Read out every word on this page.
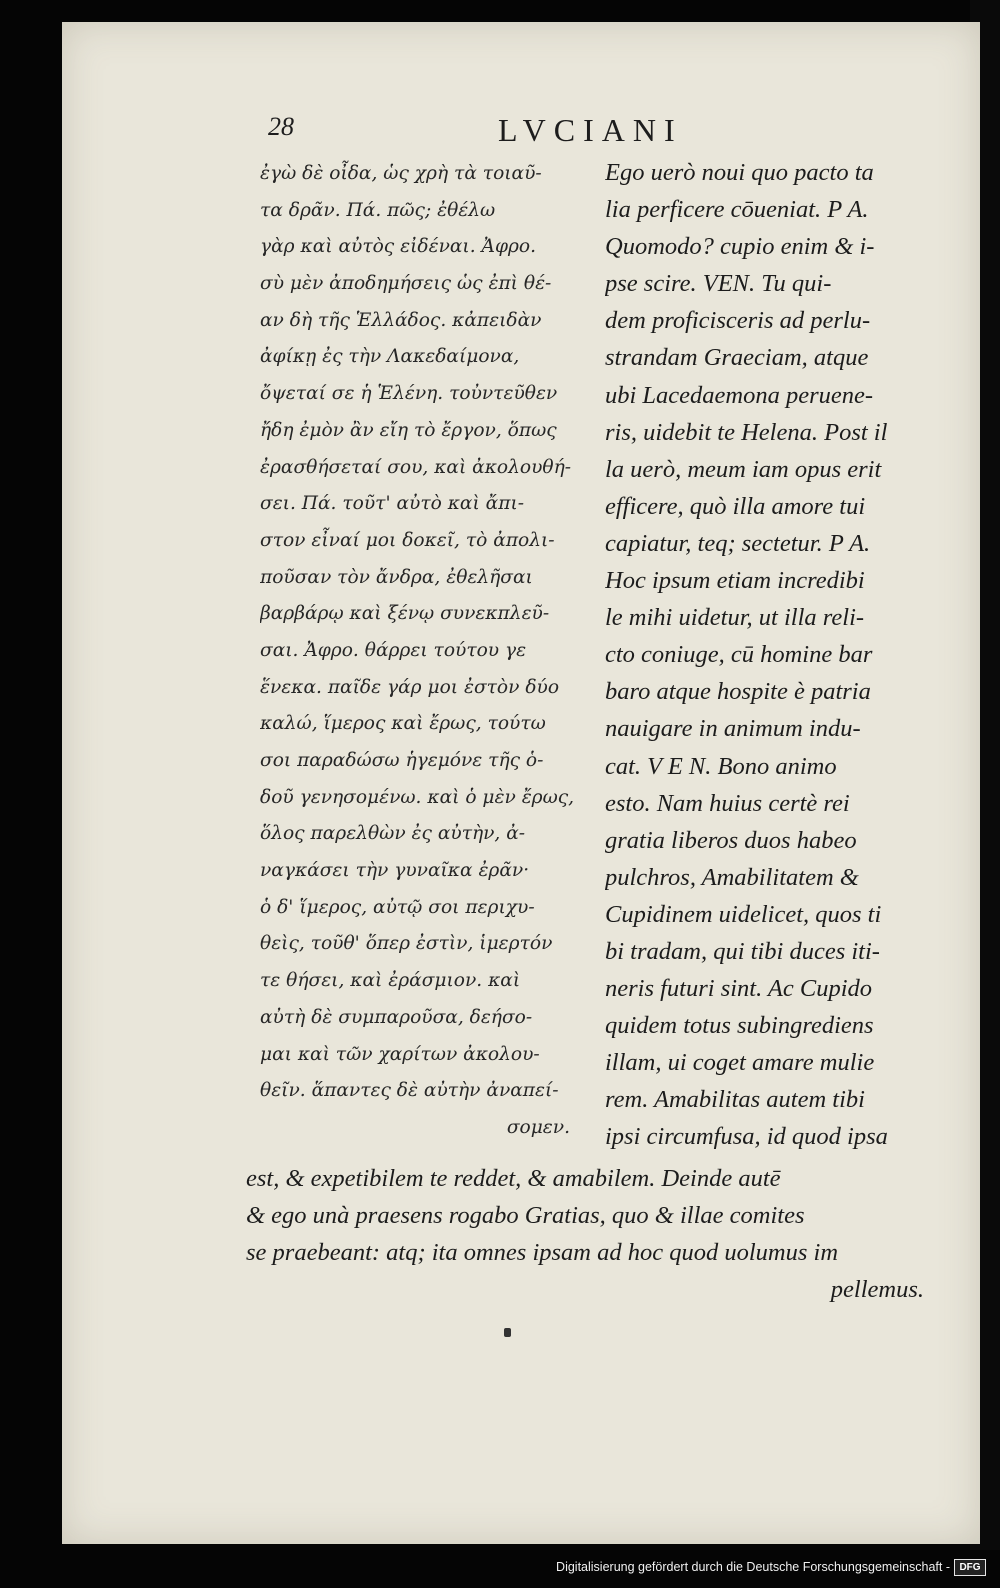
28	LVCIANI
ἐγὼ δὲ οἶδα, ὡς χρὴ τὰ τοιαῦ-
τα δρᾶν. Πά. πῶς; ἐθέλω
γὰρ καὶ αὐτὸς εἰδέναι. Ἀφρο.
σὺ μὲν ἀποδημήσεις ὡς ἐπὶ θέ-
αν δὴ τῆς Ἑλλάδος. κἀπειδὰν
ἀφίκῃ ἐς τὴν Λακεδαίμονα,
ὄψεταί σε ἡ Ἑλένη. τοὐντεῦθεν
ἤδη ἐμὸν ἂν εἴη τὸ ἔργον, ὅπως
ἐρασθήσεταί σου, καὶ ἀκολουθή-
σει. Πά. τοῦτ' αὐτὸ καὶ ἄπι-
στον εἶναί μοι δοκεῖ, τὸ ἀπολι-
ποῦσαν τὸν ἄνδρα, ἐθελῆσαι
βαρβάρῳ καὶ ξένῳ συνεκπλεῦ-
σαι. Ἀφρο. θάρρει τούτου γε
ἕνεκα. παῖδε γάρ μοι ἐστὸν δύο
καλώ, ἵμερος καὶ ἔρως, τούτω
σοι παραδώσω ἡγεμόνε τῆς ὁ-
δοῦ γενησομένω. καὶ ὁ μὲν ἔρως,
ὅλος παρελθὼν ἐς αὐτὴν, ἀ-
ναγκάσει τὴν γυναῖκα ἐρᾶν·
ὁ δ' ἵμερος, αὐτῷ σοι περιχυ-
θεὶς, τοῦθ' ὅπερ ἐστὶν, ἱμερτόν
τε θήσει, καὶ ἐράσμιον. καὶ
αὐτὴ δὲ συμπαροῦσα, δεήσο-
μαι καὶ τῶν χαρίτων ἀκολου-
θεῖν. ἅπαντες δὲ αὐτὴν ἀναπεί-
σομεν.
Ego uerò noui quo pacto ta
lia perficere cōueniat. P A.
Quomodo? cupio enim & i-
pse scire. VEN. Tu qui-
dem proficisceris ad perlu-
strandam Graeciam, atque
ubi Lacedaemona peruene-
ris, uidebit te Helena. Post il
la uerò, meum iam opus erit
efficere, quò illa amore tui
capiatur, teq; sectetur. P A.
Hoc ipsum etiam incredibi
le mihi uidetur, ut illa reli-
cto coniuge, cū homine bar
baro atque hospite è patria
nauigare in animum indu-
cat. V E N. Bono animo
esto. Nam huius certè rei
gratia liberos duos habeo
pulchros, Amabilitatem &
Cupidinem uidelicet, quos ti
bi tradam, qui tibi duces iti-
neris futuri sint. Ac Cupido
quidem totus subingrediens
illam, ui coget amare mulie
rem. Amabilitas autem tibi
ipsi circumfusa, id quod ipsa
est, & expetibilem te reddet, & amabilem. Deinde autē
& ego unà praesens rogabo Gratias, quo & illae comites
se praebeant: atq; ita omnes ipsam ad hoc quod uolumus im
pellemus.
Digitalisierung gefördert durch die Deutsche Forschungsgemeinschaft - DFG
